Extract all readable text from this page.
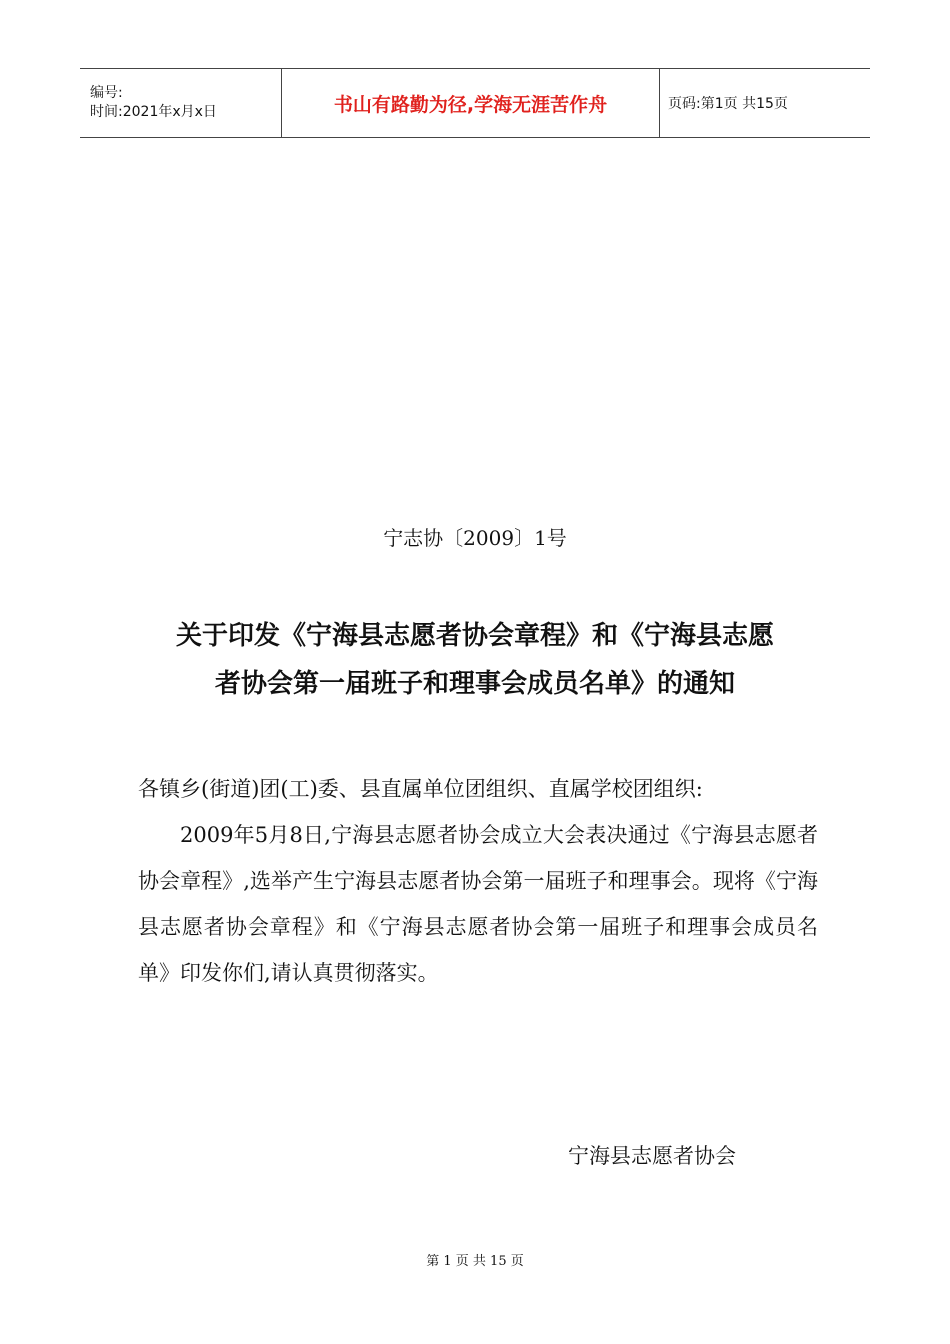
编号:
时间:2021年x月x日	书山有路勤为径,学海无涯苦作舟	页码:第1页 共15页
宁志协〔2009〕1号
关于印发《宁海县志愿者协会章程》和《宁海县志愿
者协会第一届班子和理事会成员名单》的通知

各镇乡(街道)团(工)委、县直属单位团组织、直属学校团组织:

2009年5月8日,宁海县志愿者协会成立大会表决通过《宁海县志愿者协会章程》,选举产生宁海县志愿者协会第一届班子和理事会。现将《宁海县志愿者协会章程》和《宁海县志愿者协会第一届班子和理事会成员名单》印发你们,请认真贯彻落实。

宁海县志愿者协会
第 1 页 共 15 页
